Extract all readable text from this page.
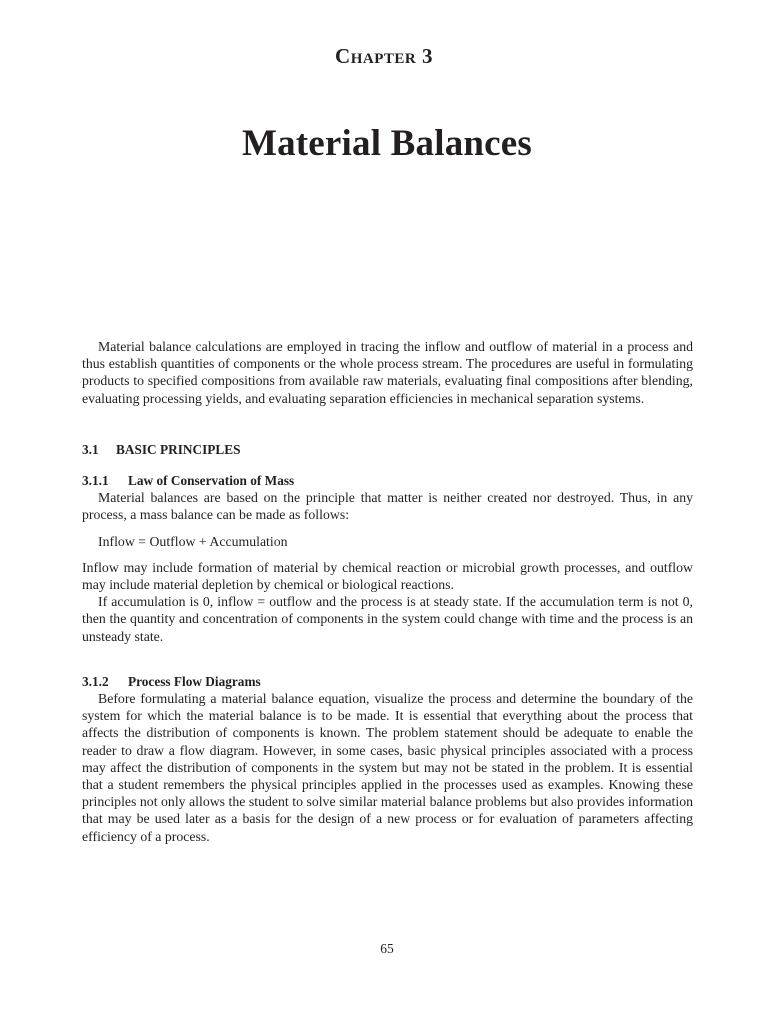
Chapter 3
Material Balances

Material balance calculations are employed in tracing the inflow and outflow of material in a process and thus establish quantities of components or the whole process stream. The procedures are useful in formulating products to specified compositions from available raw materials, evaluating final compositions after blending, evaluating processing yields, and evaluating separation efficiencies in mechanical separation systems.

3.1 BASIC PRINCIPLES
3.1.1 Law of Conservation of Mass

Material balances are based on the principle that matter is neither created nor destroyed. Thus, in any process, a mass balance can be made as follows:

Inflow = Outflow + Accumulation

Inflow may include formation of material by chemical reaction or microbial growth processes, and outflow may include material depletion by chemical or biological reactions.

If accumulation is 0, inflow = outflow and the process is at steady state. If the accumulation term is not 0, then the quantity and concentration of components in the system could change with time and the process is an unsteady state.

3.1.2 Process Flow Diagrams

Before formulating a material balance equation, visualize the process and determine the boundary of the system for which the material balance is to be made. It is essential that everything about the process that affects the distribution of components is known. The problem statement should be adequate to enable the reader to draw a flow diagram. However, in some cases, basic physical principles associated with a process may affect the distribution of components in the system but may not be stated in the problem. It is essential that a student remembers the physical principles applied in the processes used as examples. Knowing these principles not only allows the student to solve similar material balance problems but also provides information that may be used later as a basis for the design of a new process or for evaluation of parameters affecting efficiency of a process.

65
